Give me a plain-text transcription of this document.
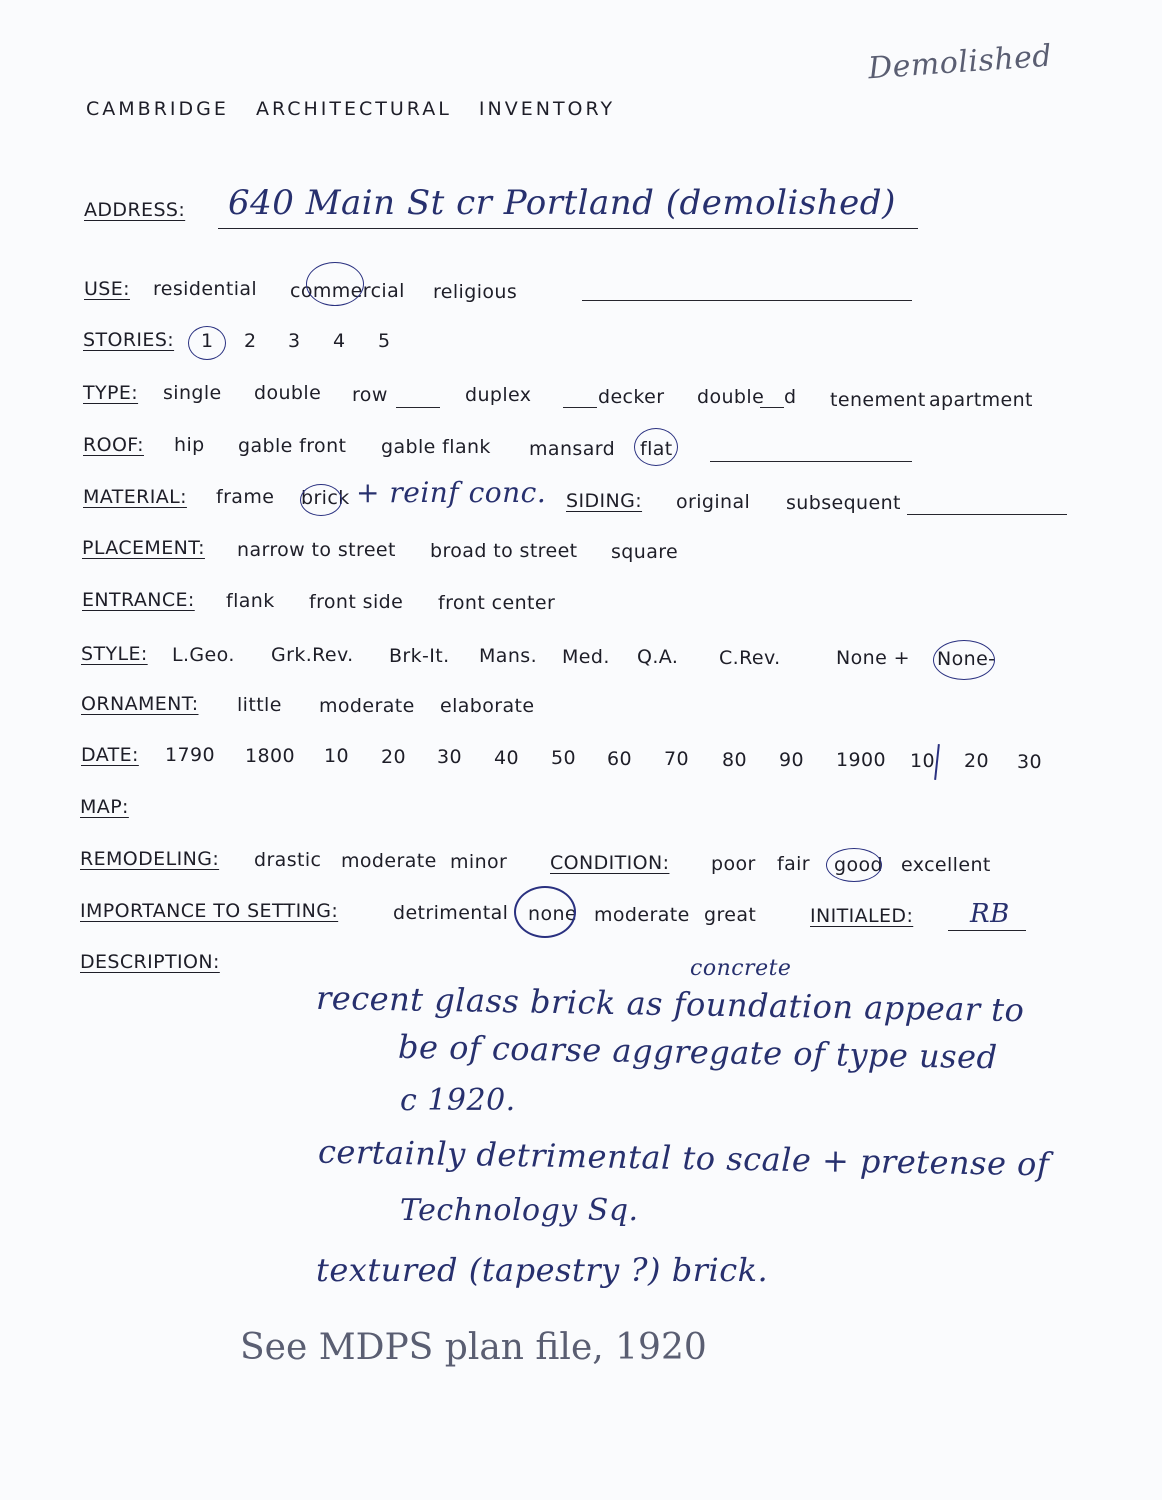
Demolished
CAMBRIDGE   ARCHITECTURAL   INVENTORY
ADDRESS: 640 Main St cr Portland (demolished)
USE: residential commercial religious
STORIES: 1 2 3 4 5
TYPE: single double row	duplex	decker double d tenement apartment
ROOF: hip gable front gable flank mansard flat
MATERIAL: frame brick + reinf conc. SIDING: original subsequent
PLACEMENT: narrow to street broad to street square
ENTRANCE: flank front side front center
STYLE: L.Geo. Grk.Rev. Brk-It. Mans. Med. Q.A. C.Rev.	None + None-
ORNAMENT: little moderate elaborate
DATE: 1790 1800 10 20 30 40 50 60 70 80 90 1900 10 20 30
MAP:
REMODELING: drastic moderate minor CONDITION: poor fair good excellent
IMPORTANCE TO SETTING:	detrimental none moderate great	INITIALED: RB
DESCRIPTION:	concrete
recent glass brick as foundation appear to
be of coarse aggregate of type used
c 1920.
certainly detrimental to scale + pretense of
Technology Sq.
textured (tapestry ?) brick.
See MDPS plan file, 1920
